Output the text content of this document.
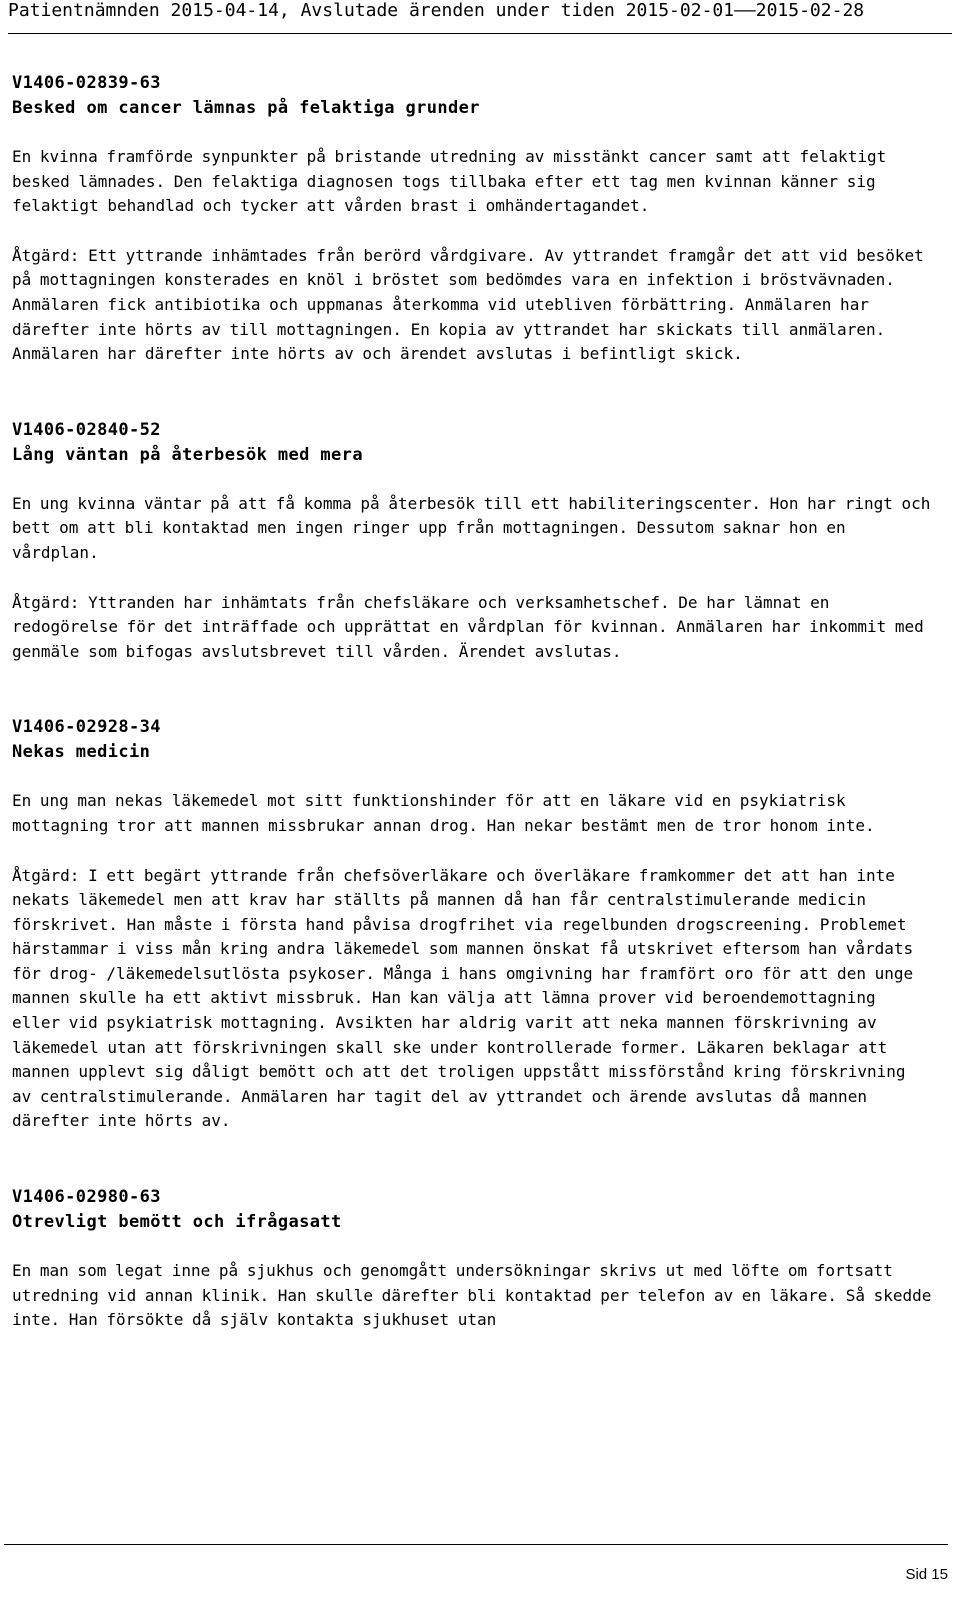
Patientnämnden 2015-04-14, Avslutade ärenden under tiden 2015-02-01——2015-02-28
V1406-02839-63
Besked om cancer lämnas på felaktiga grunder

En kvinna framförde synpunkter på bristande utredning av misstänkt cancer samt att felaktigt besked lämnades. Den felaktiga diagnosen togs tillbaka efter ett tag men kvinnan känner sig felaktigt behandlad och tycker att vården brast i omhändertagandet.

Åtgärd: Ett yttrande inhämtades från berörd vårdgivare. Av yttrandet framgår det att vid besöket på mottagningen konsterades en knöl i bröstet som bedömdes vara en infektion i bröstvävnaden. Anmälaren fick antibiotika och uppmanas återkomma vid utebliven förbättring. Anmälaren har därefter inte hörts av till mottagningen. En kopia av yttrandet har skickats till anmälaren. Anmälaren har därefter inte hörts av och ärendet avslutas i befintligt skick.

V1406-02840-52
Lång väntan på återbesök med mera

En ung kvinna väntar på att få komma på återbesök till ett habiliteringscenter. Hon har ringt och bett om att bli kontaktad men ingen ringer upp från mottagningen. Dessutom saknar hon en vårdplan.

Åtgärd: Yttranden har inhämtats från chefsläkare och verksamhetschef. De har lämnat en redogörelse för det inträffade och upprättat en vårdplan för kvinnan. Anmälaren har inkommit med genmäle som bifogas avslutsbrevet till vården. Ärendet avslutas.

V1406-02928-34
Nekas medicin

En ung man nekas läkemedel mot sitt funktionshinder för att en läkare vid en psykiatrisk mottagning tror att mannen missbrukar annan drog. Han nekar bestämt men de tror honom inte.

Åtgärd: I ett begärt yttrande från chefsöverläkare och överläkare framkommer det att han inte nekats läkemedel men att krav har ställts på mannen då han får centralstimulerande medicin förskrivet. Han måste i första hand påvisa drogfrihet via regelbunden drogscreening. Problemet härstammar i viss mån kring andra läkemedel som mannen önskat få utskrivet eftersom han vårdats för drog- /läkemedelsutlösta psykoser. Många i hans omgivning har framfört oro för att den unge mannen skulle ha ett aktivt missbruk. Han kan välja att lämna prover vid beroendemottagning eller vid psykiatrisk mottagning. Avsikten har aldrig varit att neka mannen förskrivning av läkemedel utan att förskrivningen skall ske under kontrollerade former. Läkaren beklagar att mannen upplevt sig dåligt bemött och att det troligen uppstått missförstånd kring förskrivning av centralstimulerande. Anmälaren har tagit del av yttrandet och ärende avslutas då mannen därefter inte hörts av.

V1406-02980-63
Otrevligt bemött och ifrågasatt

En man som legat inne på sjukhus och genomgått undersökningar skrivs ut med löfte om fortsatt utredning vid annan klinik. Han skulle därefter bli kontaktad per telefon av en läkare. Så skedde inte. Han försökte då själv kontakta sjukhuset utan

Sid 15
